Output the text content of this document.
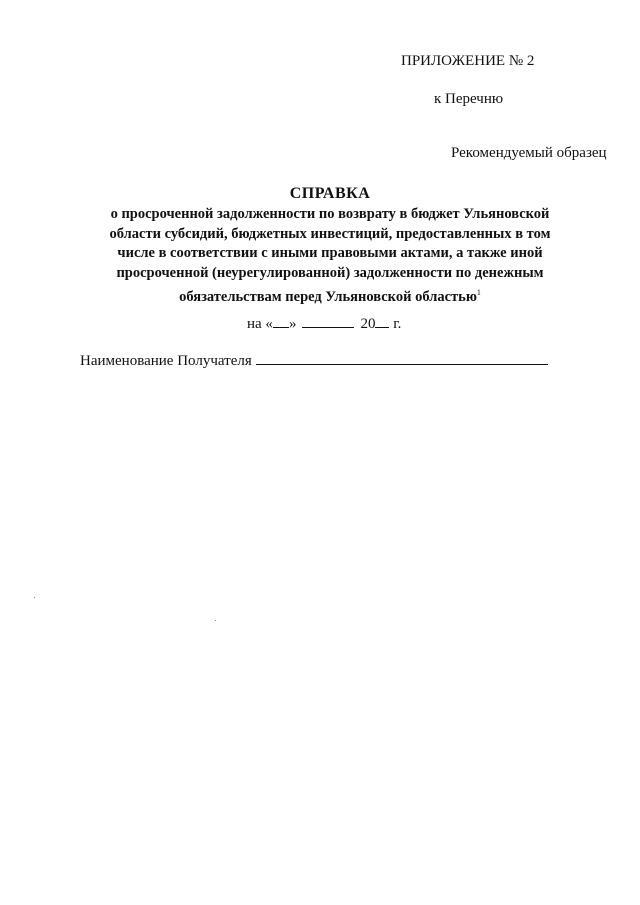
ПРИЛОЖЕНИЕ № 2
к Перечню
Рекомендуемый образец
СПРАВКА
о просроченной задолженности по возврату в бюджет Ульяновской
области субсидий, бюджетных инвестиций, предоставленных в том
числе в соответствии с иными правовыми актами, а также иной
просроченной (неурегулированной) задолженности по денежным
обязательствам перед Ульяновской областью$^1$
на « »	20 г.
Наименование Получателя
